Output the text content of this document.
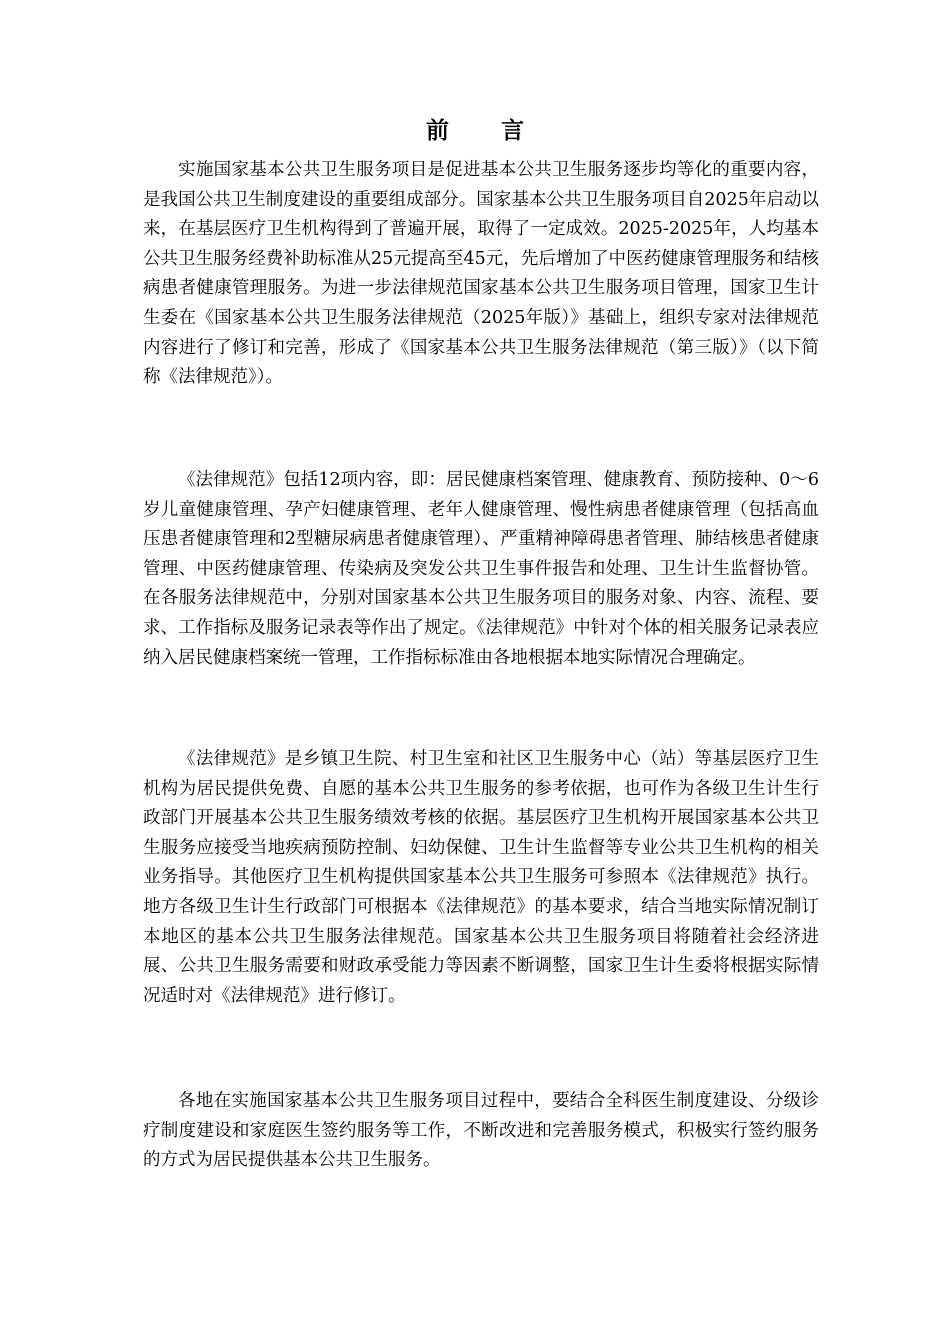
前 言

实施国家基本公共卫生服务项目是促进基本公共卫生服务逐步均等化的重要内容，是我国公共卫生制度建设的重要组成部分。国家基本公共卫生服务项目自2025年启动以来，在基层医疗卫生机构得到了普遍开展，取得了一定成效。2025-2025年，人均基本公共卫生服务经费补助标准从25元提高至45元，先后增加了中医药健康管理服务和结核病患者健康管理服务。为进一步法律规范国家基本公共卫生服务项目管理，国家卫生计生委在《国家基本公共卫生服务法律规范（2025年版）》基础上，组织专家对法律规范内容进行了修订和完善，形成了《国家基本公共卫生服务法律规范（第三版）》（以下简称《法律规范》）。

《法律规范》包括12项内容，即：居民健康档案管理、健康教育、预防接种、0～6岁儿童健康管理、孕产妇健康管理、老年人健康管理、慢性病患者健康管理（包括高血压患者健康管理和2型糖尿病患者健康管理）、严重精神障碍患者管理、肺结核患者健康管理、中医药健康管理、传染病及突发公共卫生事件报告和处理、卫生计生监督协管。在各服务法律规范中，分别对国家基本公共卫生服务项目的服务对象、内容、流程、要求、工作指标及服务记录表等作出了规定。《法律规范》中针对个体的相关服务记录表应纳入居民健康档案统一管理，工作指标标准由各地根据本地实际情况合理确定。

《法律规范》是乡镇卫生院、村卫生室和社区卫生服务中心（站）等基层医疗卫生机构为居民提供免费、自愿的基本公共卫生服务的参考依据，也可作为各级卫生计生行政部门开展基本公共卫生服务绩效考核的依据。基层医疗卫生机构开展国家基本公共卫生服务应接受当地疾病预防控制、妇幼保健、卫生计生监督等专业公共卫生机构的相关业务指导。其他医疗卫生机构提供国家基本公共卫生服务可参照本《法律规范》执行。地方各级卫生计生行政部门可根据本《法律规范》的基本要求，结合当地实际情况制订本地区的基本公共卫生服务法律规范。国家基本公共卫生服务项目将随着社会经济进展、公共卫生服务需要和财政承受能力等因素不断调整，国家卫生计生委将根据实际情况适时对《法律规范》进行修订。

各地在实施国家基本公共卫生服务项目过程中，要结合全科医生制度建设、分级诊疗制度建设和家庭医生签约服务等工作，不断改进和完善服务模式，积极实行签约服务的方式为居民提供基本公共卫生服务。
